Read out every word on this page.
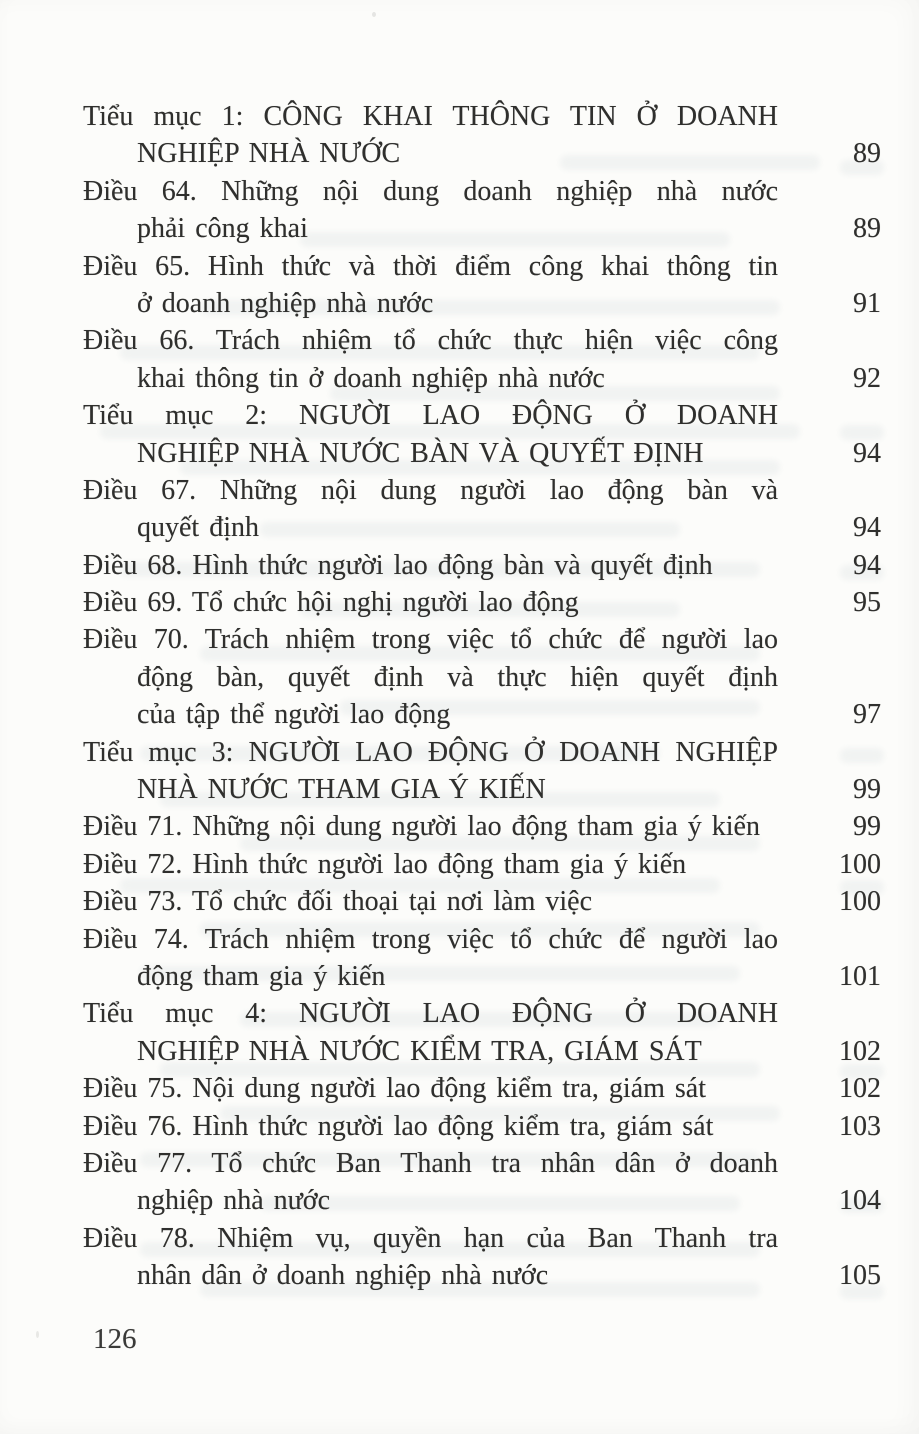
Tiểu mục 1: CÔNG KHAI THÔNG TIN Ở DOANH
NGHIỆP NHÀ NƯỚC	89
Điều 64. Những nội dung doanh nghiệp nhà nước
phải công khai	89
Điều 65. Hình thức và thời điểm công khai thông tin
ở doanh nghiệp nhà nước	91
Điều 66. Trách nhiệm tổ chức thực hiện việc công
khai thông tin ở doanh nghiệp nhà nước	92
Tiểu mục 2: NGƯỜI LAO ĐỘNG Ở DOANH
NGHIỆP NHÀ NƯỚC BÀN VÀ QUYẾT ĐỊNH	94
Điều 67. Những nội dung người lao động bàn và
quyết định	94
Điều 68. Hình thức người lao động bàn và quyết định	94
Điều 69. Tổ chức hội nghị người lao động	95
Điều 70. Trách nhiệm trong việc tổ chức để người lao
động bàn, quyết định và thực hiện quyết định
của tập thể người lao động	97
Tiểu mục 3: NGƯỜI LAO ĐỘNG Ở DOANH NGHIỆP
NHÀ NƯỚC THAM GIA Ý KIẾN	99
Điều 71. Những nội dung người lao động tham gia ý kiến	99
Điều 72. Hình thức người lao động tham gia ý kiến	100
Điều 73. Tổ chức đối thoại tại nơi làm việc	100
Điều 74. Trách nhiệm trong việc tổ chức để người lao
động tham gia ý kiến	101
Tiểu mục 4: NGƯỜI LAO ĐỘNG Ở DOANH
NGHIỆP NHÀ NƯỚC KIỂM TRA, GIÁM SÁT	102
Điều 75. Nội dung người lao động kiểm tra, giám sát	102
Điều 76. Hình thức người lao động kiểm tra, giám sát	103
Điều 77. Tổ chức Ban Thanh tra nhân dân ở doanh
nghiệp nhà nước	104
Điều 78. Nhiệm vụ, quyền hạn của Ban Thanh tra
nhân dân ở doanh nghiệp nhà nước	105
126
